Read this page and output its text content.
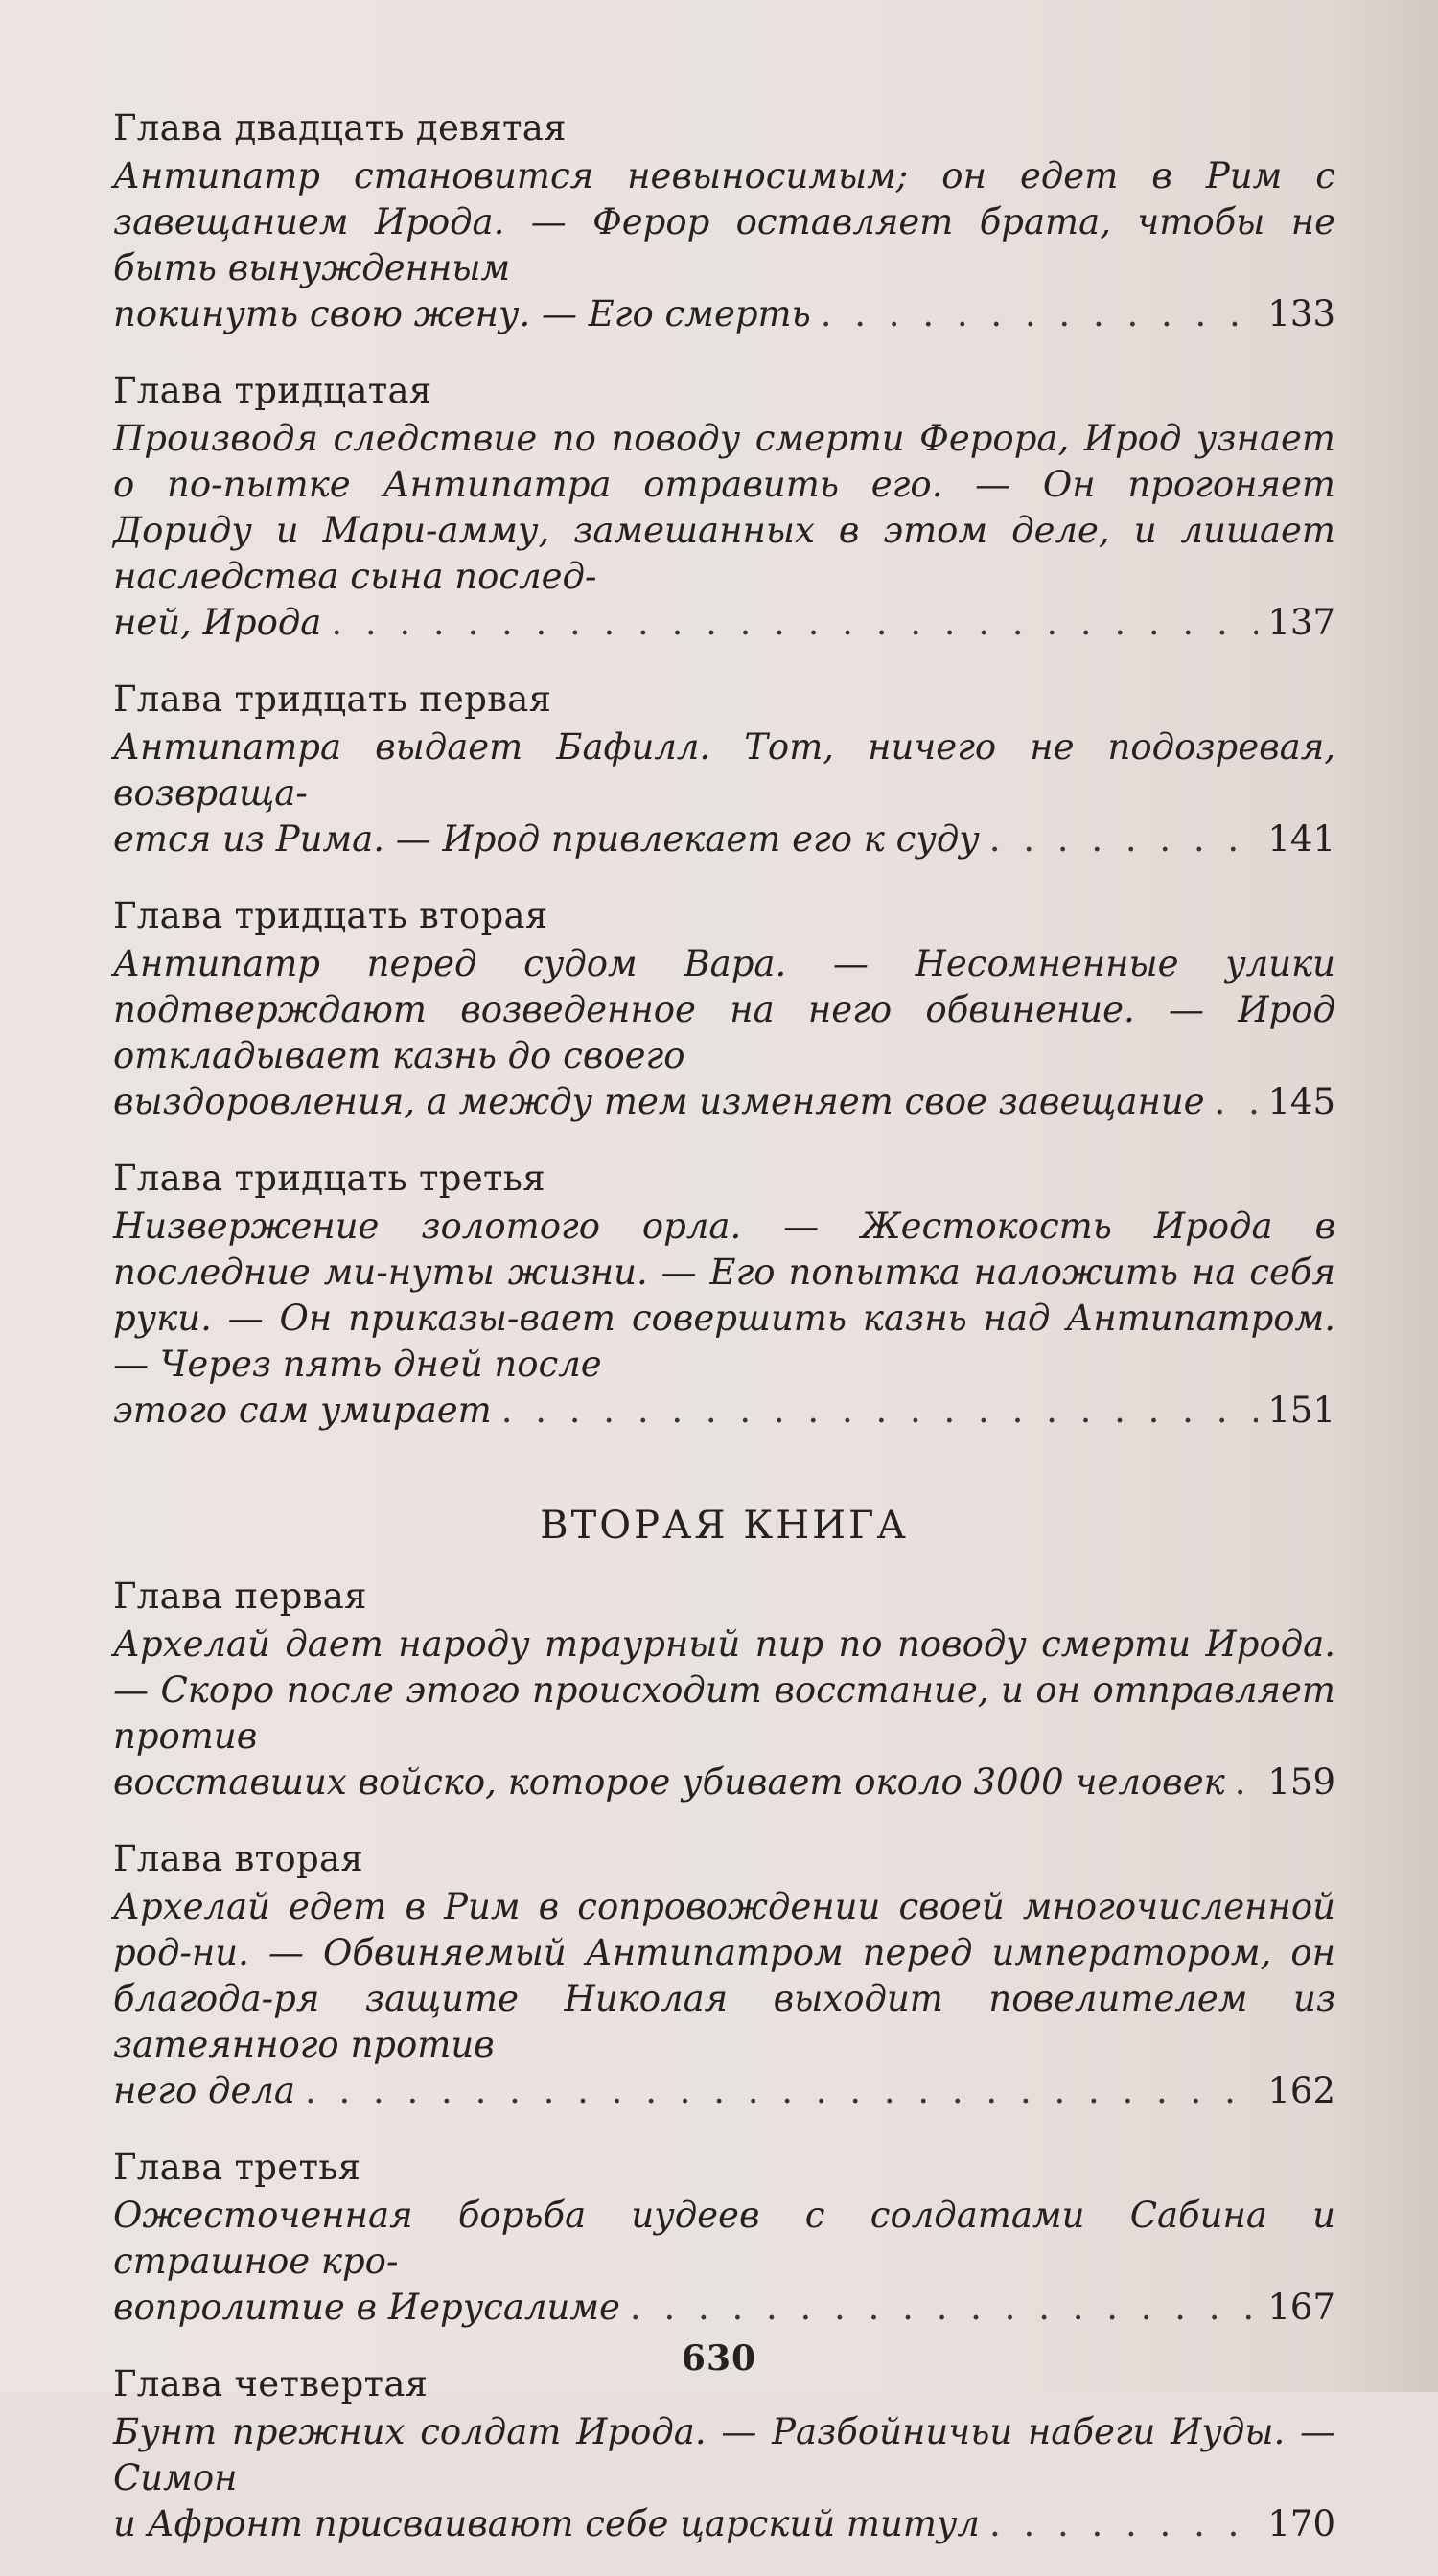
Глава двадцать девятая
Антипатр становится невыносимым; он едет в Рим с завещанием Ирода. — Ферор оставляет брата, чтобы не быть вынужденным
покинуть свою жену. — Его смерть . . .	133
Глава тридцатая
Производя следствие по поводу смерти Ферора, Ирод узнает о по-пытке Антипатра отравить его. — Он прогоняет Дориду и Мари-амму, замешанных в этом деле, и лишает наследства сына послед-
ней, Ирода . . .	137
Глава тридцать первая
Антипатра выдает Бафилл. Тот, ничего не подозревая, возвраща-
ется из Рима. — Ирод привлекает его к суду . . .	141
Глава тридцать вторая
Антипатр перед судом Вара. — Несомненные улики подтверждают возведенное на него обвинение. — Ирод откладывает казнь до своего
выздоровления, а между тем изменяет свое завещание . . . 145
Глава тридцать третья
Низвержение золотого орла. — Жестокость Ирода в последние ми-нуты жизни. — Его попытка наложить на себя руки. — Он приказы-вает совершить казнь над Антипатром. — Через пять дней после
этого сам умирает . . .	151
ВТОРАЯ КНИГА
Глава первая
Архелай дает народу траурный пир по поводу смерти Ирода. — Скоро после этого происходит восстание, и он отправляет против
восставших войско, которое убивает около 3000 человек . . . 159
Глава вторая
Архелай едет в Рим в сопровождении своей многочисленной род-ни. — Обвиняемый Антипатром перед императором, он благода-ря защите Николая выходит повелителем из затеянного против
него дела . . .	162
Глава третья
Ожесточенная борьба иудеев с солдатами Сабина и страшное кро-
вопролитие в Иерусалиме . . .	167
Глава четвертая
Бунт прежних солдат Ирода. — Разбойничьи набеги Иуды. — Симон
и Афронт присваивают себе царский титул . . .	170
630
